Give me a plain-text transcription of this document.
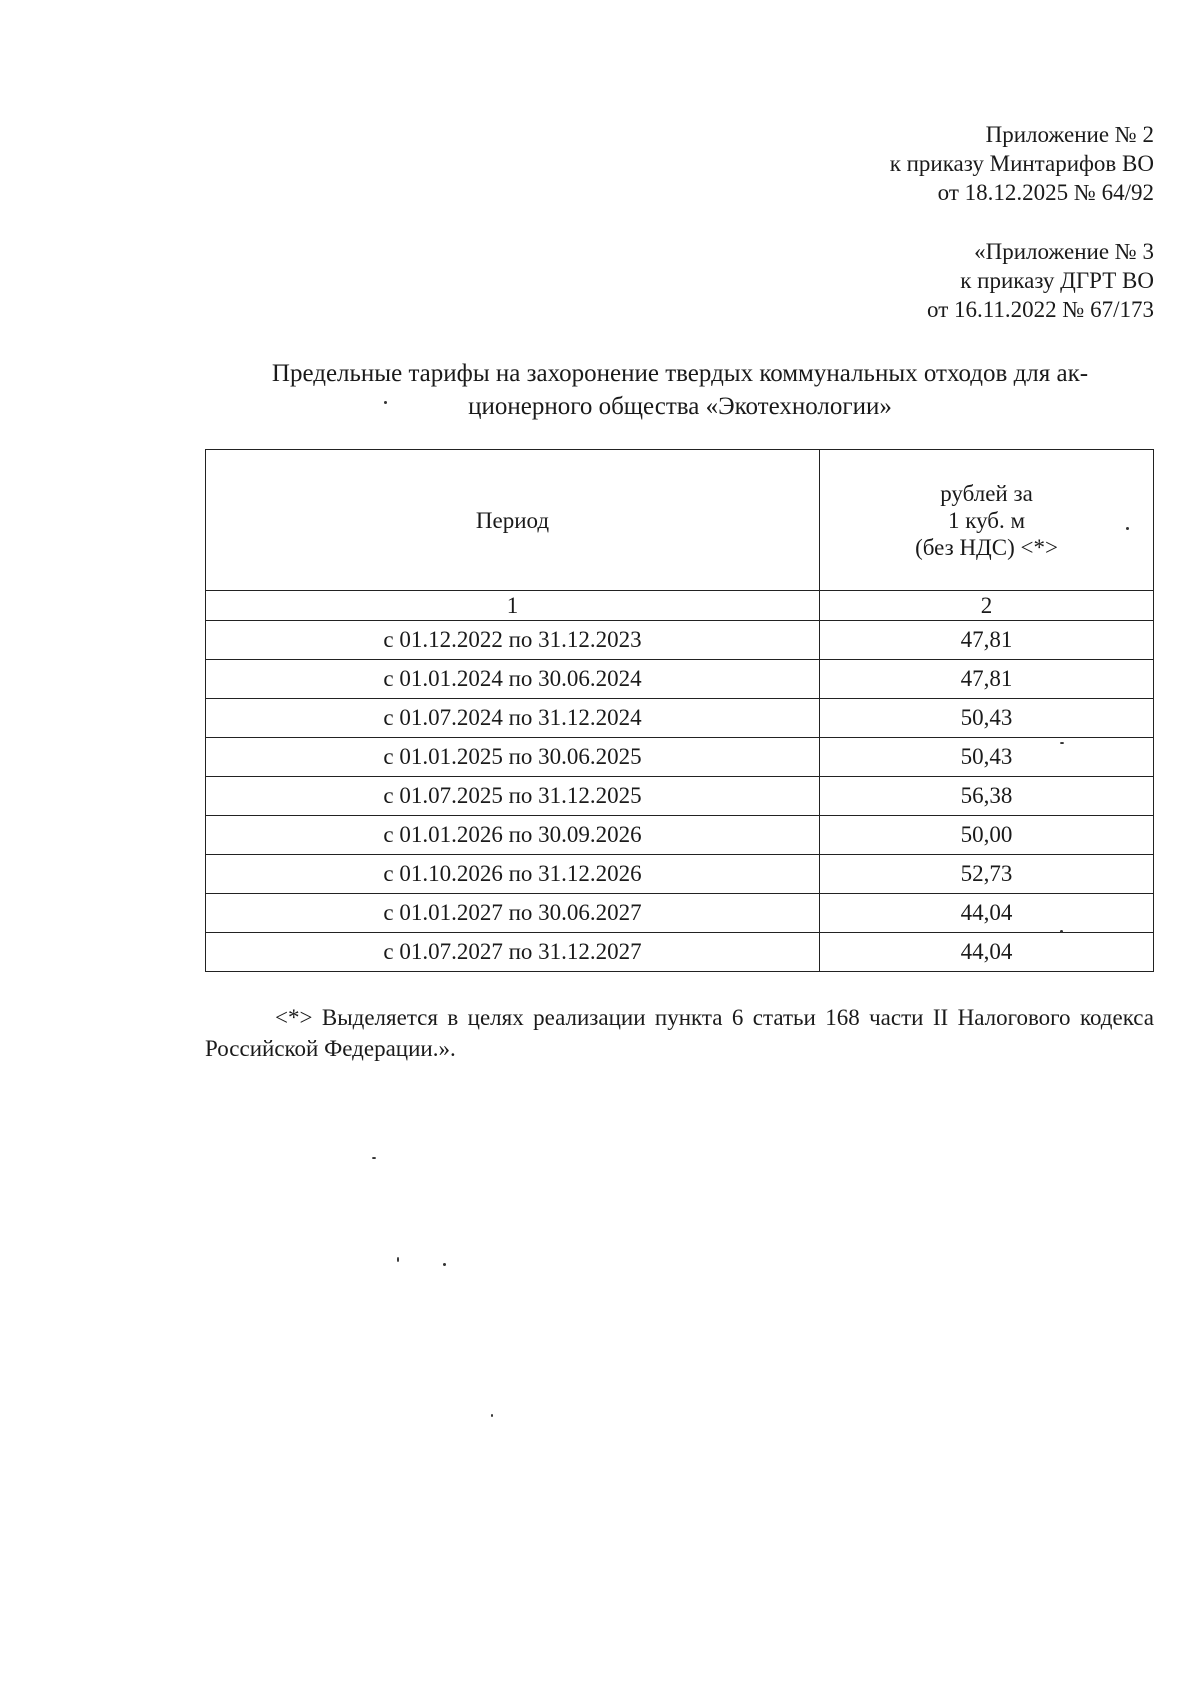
Приложение № 2
к приказу Минтарифов ВО
от 18.12.2025 № 64/92
«Приложение № 3
к приказу ДГРТ ВО
от 16.11.2022 № 67/173
Предельные тарифы на захоронение твердых коммунальных отходов для ак-
ционерного общества «Экотехнологии»
Период	рублей за
1 куб. м
(без НДС) <*>

1	2
с 01.12.2022 по 31.12.2023	47,81
с 01.01.2024 по 30.06.2024	47,81
с 01.07.2024 по 31.12.2024	50,43
с 01.01.2025 по 30.06.2025	50,43
с 01.07.2025 по 31.12.2025	56,38
с 01.01.2026 по 30.09.2026	50,00
с 01.10.2026 по 31.12.2026	52,73
с 01.01.2027 по 30.06.2027	44,04
с 01.07.2027 по 31.12.2027	44,04
<*> Выделяется в целях реализации пункта 6 статьи 168 части II Налогового кодекса Российской Федерации.».
